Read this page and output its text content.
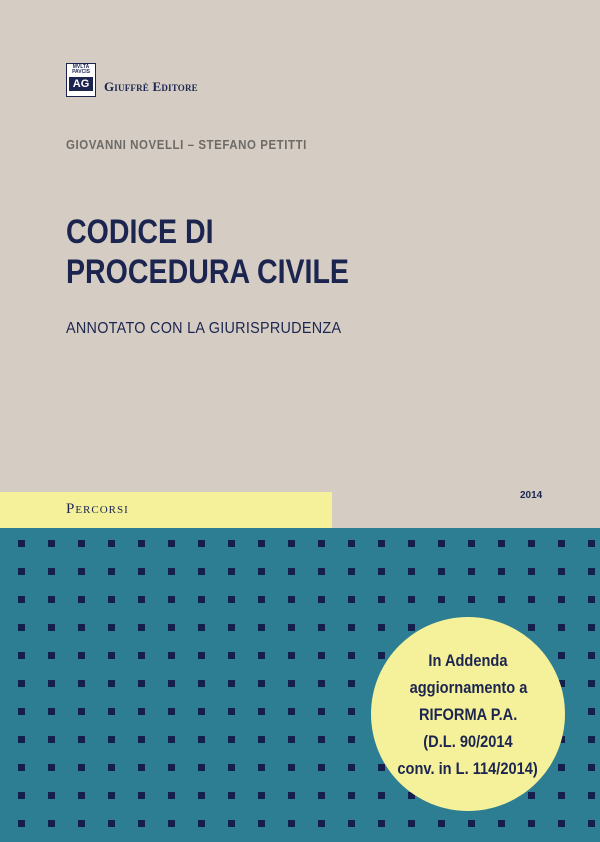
MVLTA
PAVCIS
AG Giuffrè Editore
GIOVANNI NOVELLI – STEFANO PETITTI
CODICE DI
PROCEDURA CIVILE
ANNOTATO CON LA GIURISPRUDENZA
Percorsi
2014
In Addenda
aggiornamento a
RIFORMA P.A.
(D.L. 90/2014
conv. in L. 114/2014)
